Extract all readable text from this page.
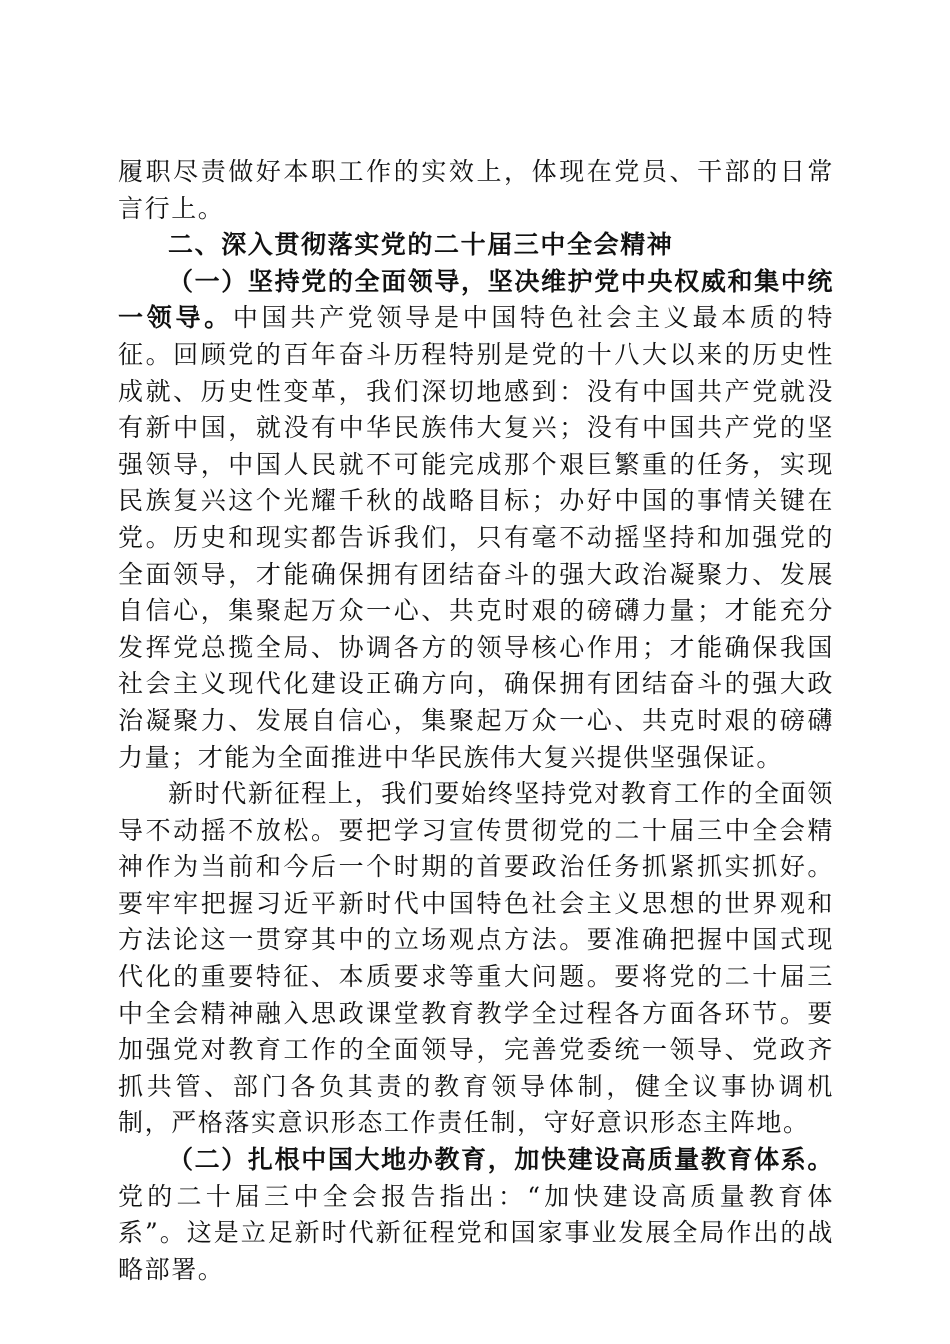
履职尽责做好本职工作的实效上，体现在党员、干部的日常言行上。

二、深入贯彻落实党的二十届三中全会精神

（一）坚持党的全面领导，坚决维护党中央权威和集中统一领导。中国共产党领导是中国特色社会主义最本质的特征。回顾党的百年奋斗历程特别是党的十八大以来的历史性成就、历史性变革，我们深切地感到：没有中国共产党就没有新中国，就没有中华民族伟大复兴；没有中国共产党的坚强领导，中国人民就不可能完成那个艰巨繁重的任务，实现民族复兴这个光耀千秋的战略目标；办好中国的事情关键在党。历史和现实都告诉我们，只有毫不动摇坚持和加强党的全面领导，才能确保拥有团结奋斗的强大政治凝聚力、发展自信心，集聚起万众一心、共克时艰的磅礴力量；才能充分发挥党总揽全局、协调各方的领导核心作用；才能确保我国社会主义现代化建设正确方向，确保拥有团结奋斗的强大政治凝聚力、发展自信心，集聚起万众一心、共克时艰的磅礴力量；才能为全面推进中华民族伟大复兴提供坚强保证。

新时代新征程上，我们要始终坚持党对教育工作的全面领导不动摇不放松。要把学习宣传贯彻党的二十届三中全会精神作为当前和今后一个时期的首要政治任务抓紧抓实抓好。要牢牢把握习近平新时代中国特色社会主义思想的世界观和方法论这一贯穿其中的立场观点方法。要准确把握中国式现代化的重要特征、本质要求等重大问题。要将党的二十届三中全会精神融入思政课堂教育教学全过程各方面各环节。要加强党对教育工作的全面领导，完善党委统一领导、党政齐抓共管、部门各负其责的教育领导体制，健全议事协调机制，严格落实意识形态工作责任制，守好意识形态主阵地。

（二）扎根中国大地办教育，加快建设高质量教育体系。党的二十届三中全会报告指出：“加快建设高质量教育体系”。这是立足新时代新征程党和国家事业发展全局作出的战略部署。
